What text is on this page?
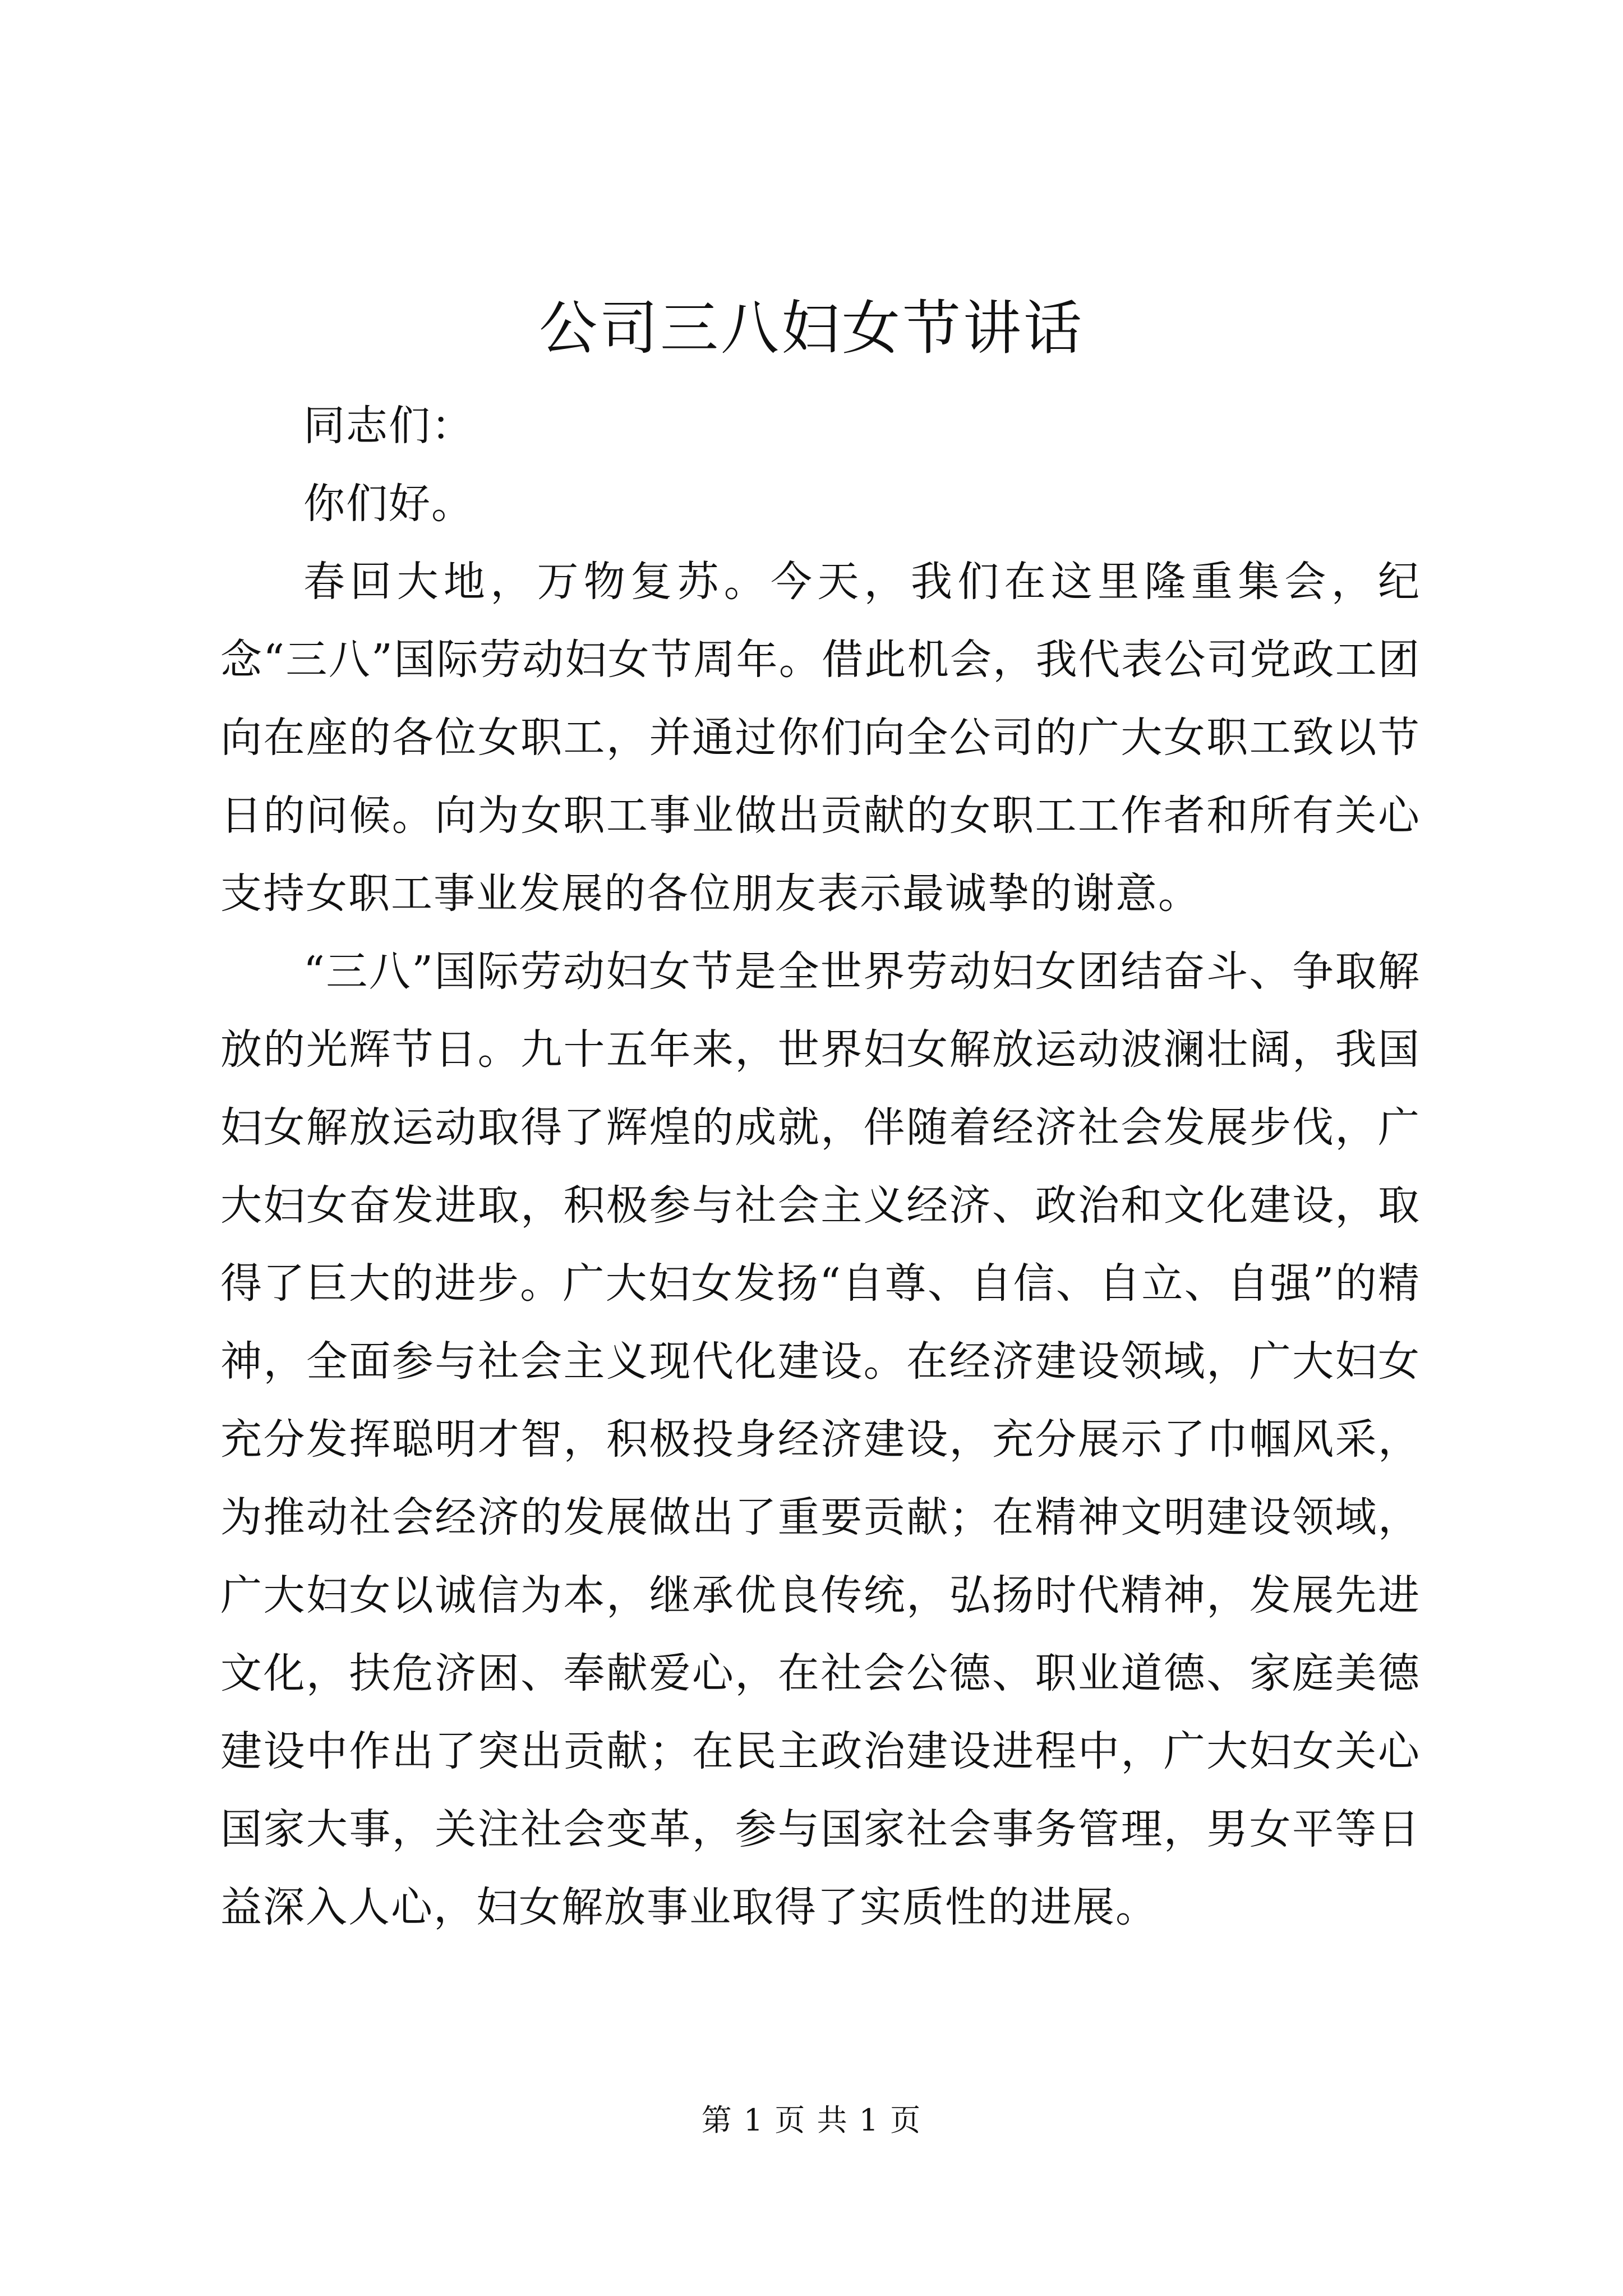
公司三八妇女节讲话

同志们：

你们好。

春回大地，万物复苏。今天，我们在这里隆重集会，纪念“三八”国际劳动妇女节周年。借此机会，我代表公司党政工团向在座的各位女职工，并通过你们向全公司的广大女职工致以节日的问候。向为女职工事业做出贡献的女职工工作者和所有关心支持女职工事业发展的各位朋友表示最诚挚的谢意。

“三八”国际劳动妇女节是全世界劳动妇女团结奋斗、争取解放的光辉节日。九十五年来，世界妇女解放运动波澜壮阔，我国妇女解放运动取得了辉煌的成就，伴随着经济社会发展步伐，广大妇女奋发进取，积极参与社会主义经济、政治和文化建设，取得了巨大的进步。广大妇女发扬“自尊、自信、自立、自强”的精神，全面参与社会主义现代化建设。在经济建设领域，广大妇女充分发挥聪明才智，积极投身经济建设，充分展示了巾帼风采，为推动社会经济的发展做出了重要贡献；在精神文明建设领域，广大妇女以诚信为本，继承优良传统，弘扬时代精神，发展先进文化，扶危济困、奉献爱心，在社会公德、职业道德、家庭美德建设中作出了突出贡献；在民主政治建设进程中，广大妇女关心国家大事，关注社会变革，参与国家社会事务管理，男女平等日益深入人心，妇女解放事业取得了实质性的进展。

第 1 页 共 1 页
